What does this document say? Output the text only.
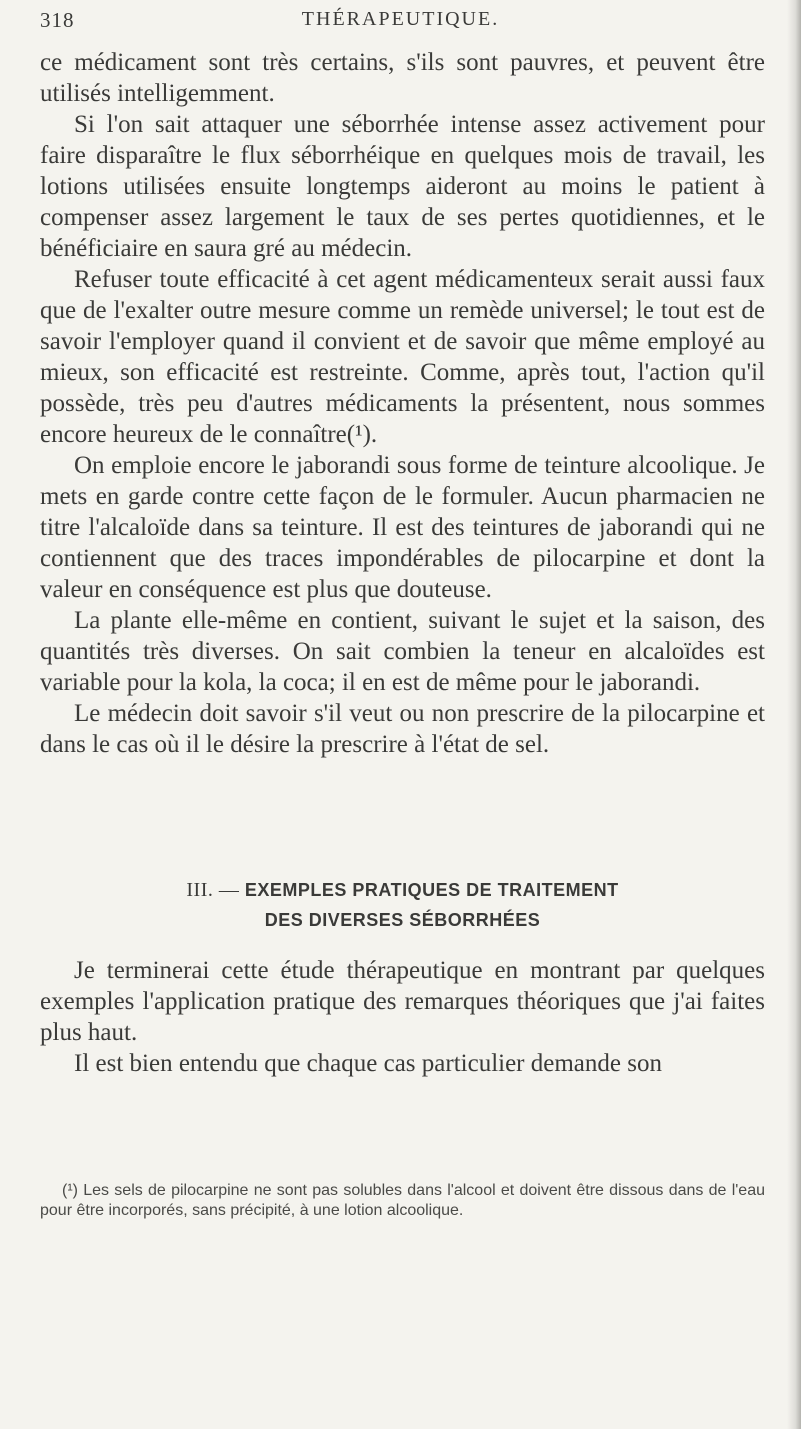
318	THÉRAPEUTIQUE.

ce médicament sont très certains, s'ils sont pauvres, et peuvent être utilisés intelligemment.

Si l'on sait attaquer une séborrhée intense assez activement pour faire disparaître le flux séborrhéique en quelques mois de travail, les lotions utilisées ensuite longtemps aideront au moins le patient à compenser assez largement le taux de ses pertes quotidiennes, et le bénéficiaire en saura gré au médecin.

Refuser toute efficacité à cet agent médicamenteux serait aussi faux que de l'exalter outre mesure comme un remède universel; le tout est de savoir l'employer quand il convient et de savoir que même employé au mieux, son efficacité est restreinte. Comme, après tout, l'action qu'il possède, très peu d'autres médicaments la présentent, nous sommes encore heureux de le connaître(¹).

On emploie encore le jaborandi sous forme de teinture alcoolique. Je mets en garde contre cette façon de le formuler. Aucun pharmacien ne titre l'alcaloïde dans sa teinture. Il est des teintures de jaborandi qui ne contiennent que des traces impondérables de pilocarpine et dont la valeur en conséquence est plus que douteuse.

La plante elle-même en contient, suivant le sujet et la saison, des quantités très diverses. On sait combien la teneur en alcaloïdes est variable pour la kola, la coca; il en est de même pour le jaborandi.

Le médecin doit savoir s'il veut ou non prescrire de la pilocarpine et dans le cas où il le désire la prescrire à l'état de sel.

III. — EXEMPLES PRATIQUES DE TRAITEMENT
DES DIVERSES SÉBORRHÉES

Je terminerai cette étude thérapeutique en montrant par quelques exemples l'application pratique des remarques théoriques que j'ai faites plus haut.

Il est bien entendu que chaque cas particulier demande son

(¹) Les sels de pilocarpine ne sont pas solubles dans l'alcool et doivent être dissous dans de l'eau pour être incorporés, sans précipité, à une lotion alcoolique.
